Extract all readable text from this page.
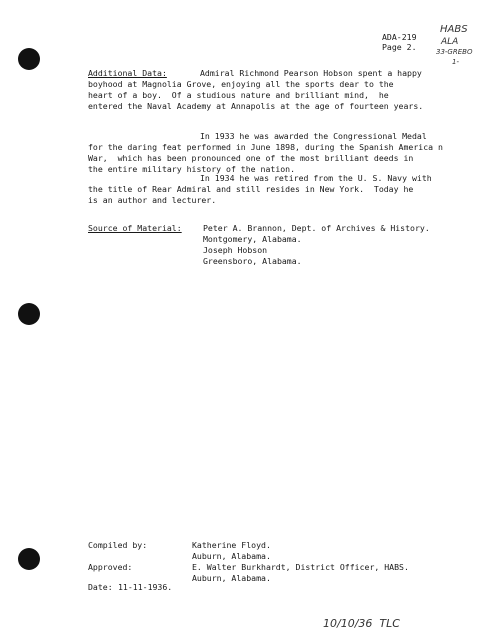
ADA-219
Page 2.
HABS
ALA
33-GREBO
1-
Additional Data:	Admiral Richmond Pearson Hobson spent a happy
boyhood at Magnolia Grove, enjoying all the sports dear to the
heart of a boy.  Of a studious nature and brilliant mind,  he
entered the Naval Academy at Annapolis at the age of fourteen years.
In 1933 he was awarded the Congressional Medal
for the daring feat performed in June 1898, during the Spanish America n
War,  which has been pronounced one of the most brilliant deeds in
the entire military history of the nation.
In 1934 he was retired from the U. S. Navy with
the title of Rear Admiral and still resides in New York.  Today he
is an author and lecturer.
Source of Material:	Peter A. Brannon, Dept. of Archives & History.
Montgomery, Alabama.
Joseph Hobson
Greensboro, Alabama.
Compiled by:	Katherine Floyd.
Auburn, Alabama.
Approved:	E. Walter Burkhardt, District Officer, HABS.
Auburn, Alabama.
Date: 11-11-1936.
10/10/36  TLC
